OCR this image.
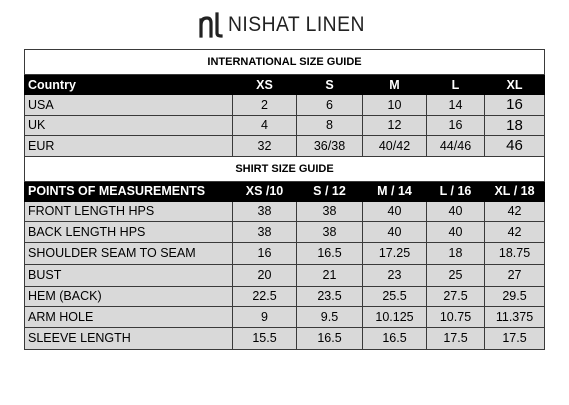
NISHAT LINEN
INTERNATIONAL SIZE GUIDE					
Country	XS	S	M	L	XL
USA	2	6	10	14	16
UK	4	8	12	16	18
EUR	32	36/38	40/42	44/46	46
SHIRT SIZE GUIDE					
POINTS OF MEASUREMENTS	XS /10	S / 12	M / 14	L / 16	XL / 18
FRONT LENGTH HPS	38	38	40	40	42
BACK LENGTH HPS	38	38	40	40	42
SHOULDER SEAM TO SEAM	16	16.5	17.25	18	18.75
BUST	20	21	23	25	27
HEM (BACK)	22.5	23.5	25.5	27.5	29.5
ARM HOLE	9	9.5	10.125	10.75	11.375
SLEEVE LENGTH	15.5	16.5	16.5	17.5	17.5
